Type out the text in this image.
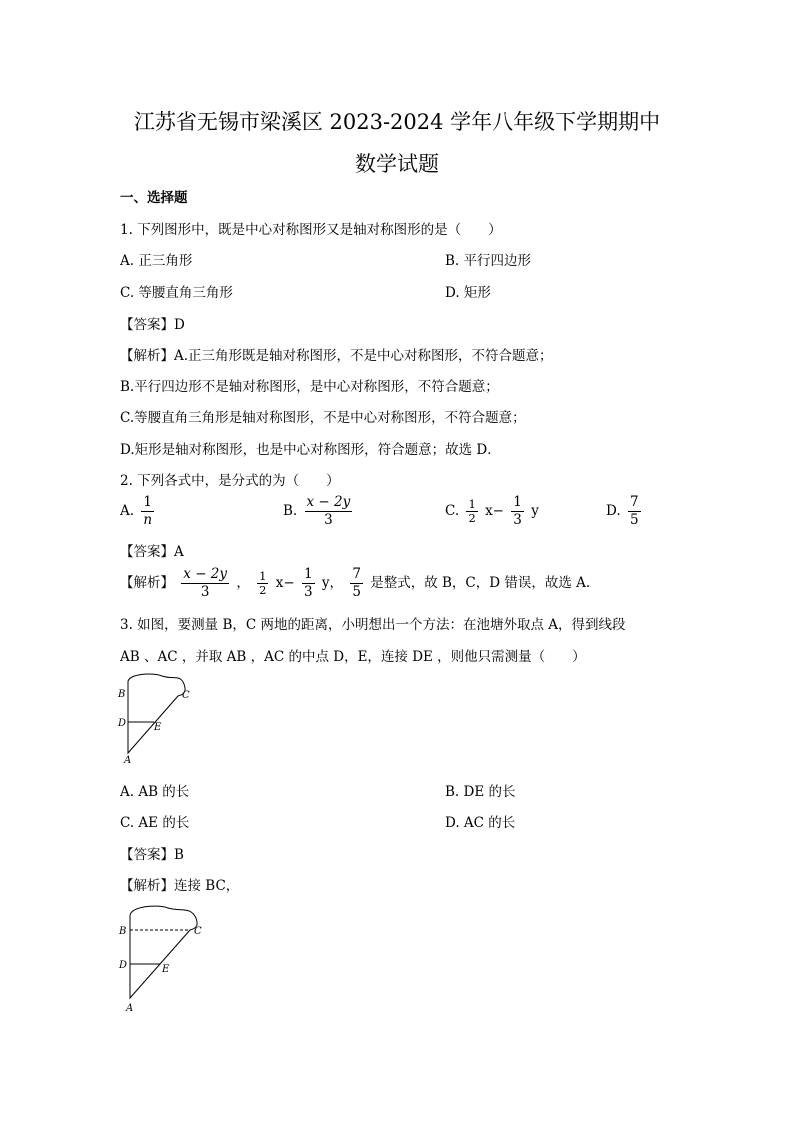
江苏省无锡市梁溪区 2023-2024 学年八年级下学期期中
数学试题
一、选择题
1. 下列图形中，既是中心对称图形又是轴对称图形的是（　　）
A. 正三角形	B. 平行四边形
C. 等腰直角三角形	D. 矩形
【答案】D
【解析】A.正三角形既是轴对称图形，不是中心对称图形，不符合题意；
B.平行四边形不是轴对称图形，是中心对称图形，不符合题意；
C.等腰直角三角形是轴对称图形，不是中心对称图形，不符合题意；
D.矩形是轴对称图形，也是中心对称图形，符合题意；故选 D．
2. 下列各式中，是分式的为（　　）
A. $\frac{1}{n}$	B. $\frac{x - 2y}{3}$	C. $\frac{1}{2} x- \frac{1}{3}$ y	D. $\frac{7}{5}$
【答案】A
【解析】 $\frac{x - 2y}{3}$ ， $\frac{1}{2} x- \frac{1}{3}$ y， $\frac{7}{5}$ 是整式，故 B，C，D 错误，故选 A.
3. 如图，要测量 B，C 两地的距离，小明想出一个方法：在池塘外取点 A，得到线段
AB 、AC ，并取 AB ，AC 的中点 D，E，连接 DE ，则他只需测量（　　）
B	C
D	E
A
A. AB 的长	B. DE 的长
C. AE 的长	D. AC 的长
【答案】B
【解析】连接 BC，
B	C
D	E
A
